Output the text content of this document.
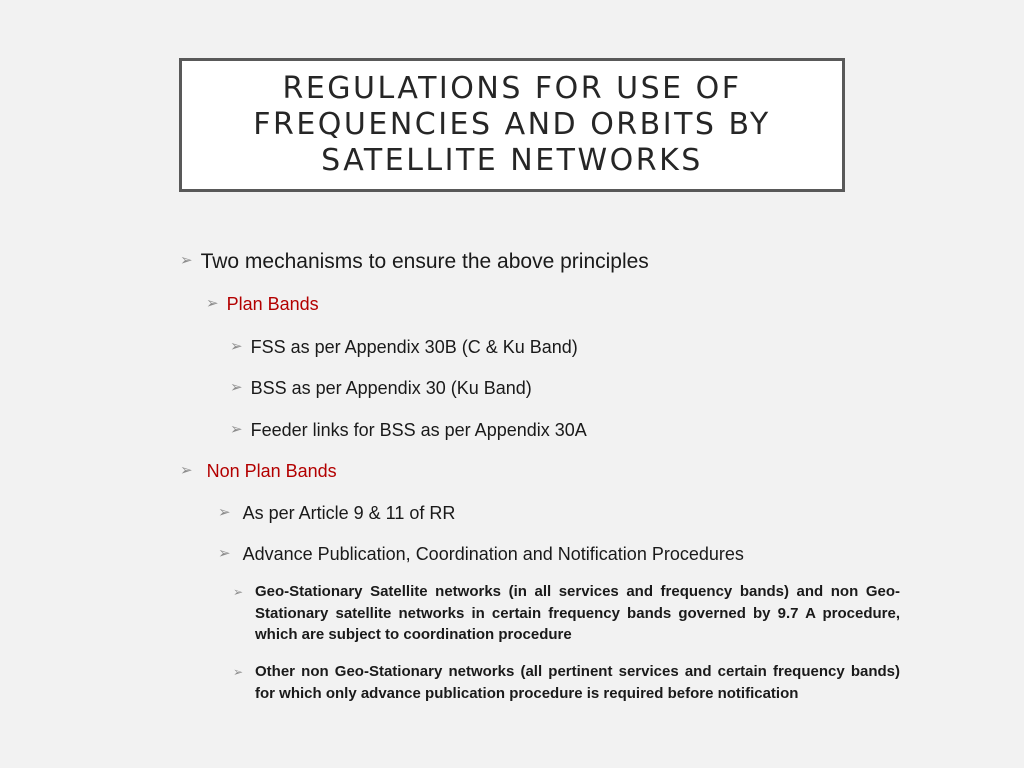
REGULATIONS FOR USE OF FREQUENCIES AND ORBITS BY SATELLITE NETWORKS
➢ Two mechanisms to ensure the above principles
➢ Plan Bands
➢ FSS as per Appendix 30B (C & Ku Band)
➢ BSS as per Appendix 30 (Ku Band)
➢ Feeder links for BSS as per Appendix 30A
➢ Non Plan Bands
➢ As per Article 9 & 11 of RR
➢ Advance Publication, Coordination and Notification Procedures
➢ Geo-Stationary Satellite networks (in all services and frequency bands) and non Geo-Stationary satellite networks in certain frequency bands governed by 9.7 A procedure, which are subject to coordination procedure
➢ Other non Geo-Stationary networks (all pertinent services and certain frequency bands) for which only advance publication procedure is required before notification
